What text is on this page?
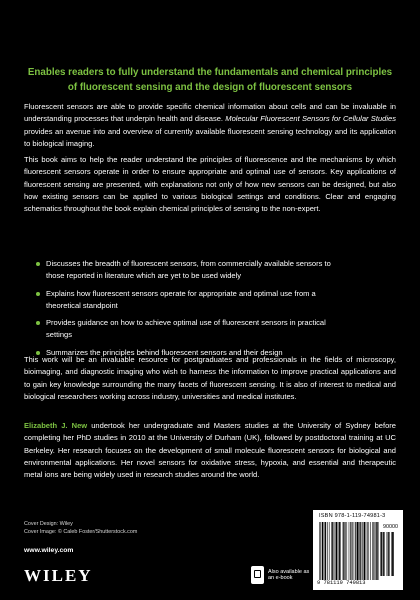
Enables readers to fully understand the fundamentals and chemical principles of fluorescent sensing and the design of fluorescent sensors
Fluorescent sensors are able to provide specific chemical information about cells and can be invaluable in understanding processes that underpin health and disease. Molecular Fluorescent Sensors for Cellular Studies provides an avenue into and overview of currently available fluorescent sensing technology and its application to biological imaging.
This book aims to help the reader understand the principles of fluorescence and the mechanisms by which fluorescent sensors operate in order to ensure appropriate and optimal use of sensors. Key applications of fluorescent sensing are presented, with explanations not only of how new sensors can be designed, but also how existing sensors can be applied to various biological settings and conditions. Clear and engaging schematics throughout the book explain chemical principles of sensing to the non-expert.
Discusses the breadth of fluorescent sensors, from commercially available sensors to those reported in literature which are yet to be used widely
Explains how fluorescent sensors operate for appropriate and optimal use from a theoretical standpoint
Provides guidance on how to achieve optimal use of fluorescent sensors in practical settings
Summarizes the principles behind fluorescent sensors and their design
This work will be an invaluable resource for postgraduates and professionals in the fields of microscopy, bioimaging, and diagnostic imaging who wish to harness the information to improve practical applications and to gain key knowledge surrounding the many facets of fluorescent sensing. It is also of interest to medical and biological researchers working across industry, universities and medical institutes.
Elizabeth J. New undertook her undergraduate and Masters studies at the University of Sydney before completing her PhD studies in 2010 at the University of Durham (UK), followed by postdoctoral training at UC Berkeley. Her research focuses on the development of small molecule fluorescent sensors for biological and environmental applications. Her novel sensors for oxidative stress, hypoxia, and essential and therapeutic metal ions are being widely used in research studies around the world.
Cover Design: Wiley
Cover Image: © Caleb Foster/Shutterstock.com
www.wiley.com
WILEY	Also available as an e-book
ISBN 978-1-119-74981-3
90000
9 781119 749813
